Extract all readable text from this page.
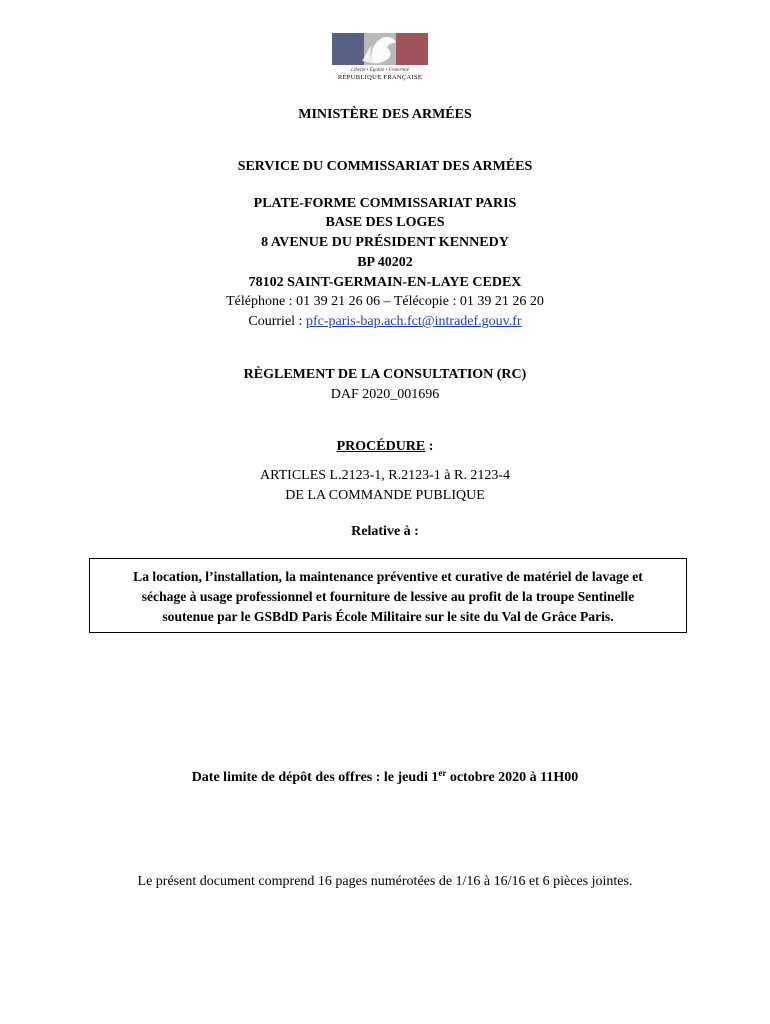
Liberté • Égalité • Fraternité
RÉPUBLIQUE FRANÇAISE
MINISTÈRE DES ARMÉES
SERVICE DU COMMISSARIAT DES ARMÉES
PLATE-FORME COMMISSARIAT PARIS
BASE DES LOGES
8 AVENUE DU PRÉSIDENT KENNEDY
BP 40202
78102 SAINT-GERMAIN-EN-LAYE CEDEX
Téléphone : 01 39 21 26 06 – Télécopie : 01 39 21 26 20
Courriel : pfc-paris-bap.ach.fct@intradef.gouv.fr
RÈGLEMENT DE LA CONSULTATION (RC)
DAF 2020_001696
PROCÉDURE :
ARTICLES L.2123-1, R.2123-1 à R. 2123-4
DE LA COMMANDE PUBLIQUE
Relative à :
La location, l’installation, la maintenance préventive et curative de matériel de lavage et
séchage à usage professionnel et fourniture de lessive au profit de la troupe Sentinelle
soutenue par le GSBdD Paris École Militaire sur le site du Val de Grâce Paris.
Date limite de dépôt des offres : le jeudi 1er octobre 2020 à 11H00
Le présent document comprend 16 pages numérotées de 1/16 à 16/16 et 6 pièces jointes.
